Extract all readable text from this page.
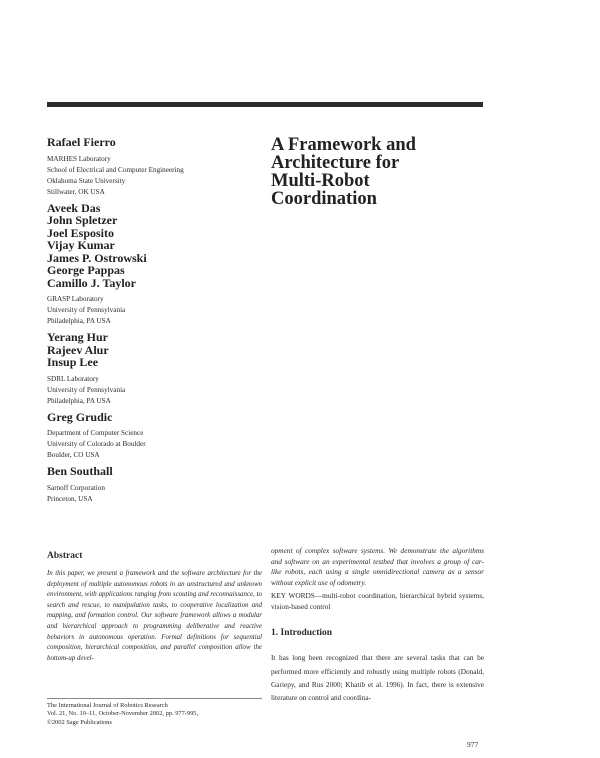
Rafael Fierro
MARHES Laboratory
School of Electrical and Computer Engineering
Oklahoma State University
Stillwater, OK USA
Aveek Das
John Spletzer
Joel Esposito
Vijay Kumar
James P. Ostrowski
George Pappas
Camillo J. Taylor
GRASP Laboratory
University of Pennsylvania
Philadelphia, PA USA
Yerang Hur
Rajeev Alur
Insup Lee
SDRL Laboratory
University of Pennsylvania
Philadelphia, PA USA
Greg Grudic
Department of Computer Science
University of Colorado at Boulder
Boulder, CO USA
Ben Southall
Sarnoff Corporation
Princeton, USA
A Framework and
Architecture for
Multi-Robot
Coordination
Abstract

In this paper, we present a framework and the software architecture for the deployment of multiple autonomous robots in an unstructured and unknown environment, with applications ranging from scouting and reconnaissance, to search and rescue, to manipulation tasks, to cooperative localization and mapping, and formation control. Our software framework allows a modular and hierarchical approach to programming deliberative and reactive behaviors in autonomous operation. Formal definitions for sequential composition, hierarchical composition, and parallel composition allow the bottom-up devel-

The International Journal of Robotics Research
Vol. 21, No. 10–11, October-November 2002, pp. 977-995,
©2002 Sage Publications

opment of complex software systems. We demonstrate the algorithms and software on an experimental testbed that involves a group of car-like robots, each using a single omnidirectional camera as a sensor without explicit use of odometry.

KEY WORDS—multi-robot coordination, hierarchical hybrid systems, vision-based control

1. Introduction

It has long been recognized that there are several tasks that can be performed more efficiently and robustly using multiple robots (Donald, Gariepy, and Rus 2000; Khatib et al. 1996). In fact, there is extensive literature on control and coordina-

977
